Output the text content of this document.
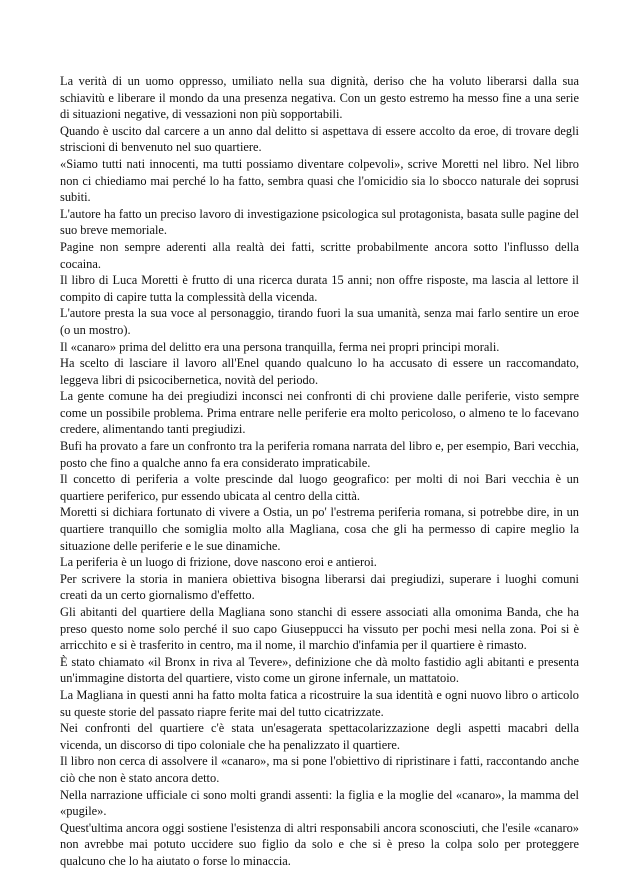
La verità di un uomo oppresso, umiliato nella sua dignità, deriso che ha voluto liberarsi dalla sua schiavitù e liberare il mondo da una presenza negativa. Con un gesto estremo ha messo fine a una serie di situazioni negative, di vessazioni non più sopportabili.

Quando è uscito dal carcere a un anno dal delitto si aspettava di essere accolto da eroe, di trovare degli striscioni di benvenuto nel suo quartiere.

«Siamo tutti nati innocenti, ma tutti possiamo diventare colpevoli», scrive Moretti nel libro. Nel libro non ci chiediamo mai perché lo ha fatto, sembra quasi che l'omicidio sia lo sbocco naturale dei soprusi subiti.

L'autore ha fatto un preciso lavoro di investigazione psicologica sul protagonista, basata sulle pagine del suo breve memoriale.

Pagine non sempre aderenti alla realtà dei fatti, scritte probabilmente ancora sotto l'influsso della cocaina.

Il libro di Luca Moretti è frutto di una ricerca durata 15 anni; non offre risposte, ma lascia al lettore il compito di capire tutta la complessità della vicenda.

L'autore presta la sua voce al personaggio, tirando fuori la sua umanità, senza mai farlo sentire un eroe (o un mostro).

Il «canaro» prima del delitto era una persona tranquilla, ferma nei propri principi morali.

Ha scelto di lasciare il lavoro all'Enel quando qualcuno lo ha accusato di essere un raccomandato, leggeva libri di psicocibernetica, novità del periodo.

La gente comune ha dei pregiudizi inconsci nei confronti di chi proviene dalle periferie, visto sempre come un possibile problema. Prima entrare nelle periferie era molto pericoloso, o almeno te lo facevano credere, alimentando tanti pregiudizi.

Bufi ha provato a fare un confronto tra la periferia romana narrata del libro e, per esempio, Bari vecchia, posto che fino a qualche anno fa era considerato impraticabile.

Il concetto di periferia a volte prescinde dal luogo geografico: per molti di noi Bari vecchia è un quartiere periferico, pur essendo ubicata al centro della città.

Moretti si dichiara fortunato di vivere a Ostia, un po' l'estrema periferia romana, si potrebbe dire, in un quartiere tranquillo che somiglia molto alla Magliana, cosa che gli ha permesso di capire meglio la situazione delle periferie e le sue dinamiche.

La periferia è un luogo di frizione, dove nascono eroi e antieroi.

Per scrivere la storia in maniera obiettiva bisogna liberarsi dai pregiudizi, superare i luoghi comuni creati da un certo giornalismo d'effetto.

Gli abitanti del quartiere della Magliana sono stanchi di essere associati alla omonima Banda, che ha preso questo nome solo perché il suo capo Giuseppucci ha vissuto per pochi mesi nella zona. Poi si è arricchito e si è trasferito in centro, ma il nome, il marchio d'infamia per il quartiere è rimasto.

È stato chiamato «il Bronx in riva al Tevere», definizione che dà molto fastidio agli abitanti e presenta un'immagine distorta del quartiere, visto come un girone infernale, un mattatoio.

La Magliana in questi anni ha fatto molta fatica a ricostruire la sua identità e ogni nuovo libro o articolo su queste storie del passato riapre ferite mai del tutto cicatrizzate.

Nei confronti del quartiere c'è stata un'esagerata spettacolarizzazione degli aspetti macabri della vicenda, un discorso di tipo coloniale che ha penalizzato il quartiere.

Il libro non cerca di assolvere il «canaro», ma si pone l'obiettivo di ripristinare i fatti, raccontando anche ciò che non è stato ancora detto.

Nella narrazione ufficiale ci sono molti grandi assenti: la figlia e la moglie del «canaro», la mamma del «pugile».

Quest'ultima ancora oggi sostiene l'esistenza di altri responsabili ancora sconosciuti, che l'esile «canaro» non avrebbe mai potuto uccidere suo figlio da solo e che si è preso la colpa solo per proteggere qualcuno che lo ha aiutato o forse lo minaccia.
